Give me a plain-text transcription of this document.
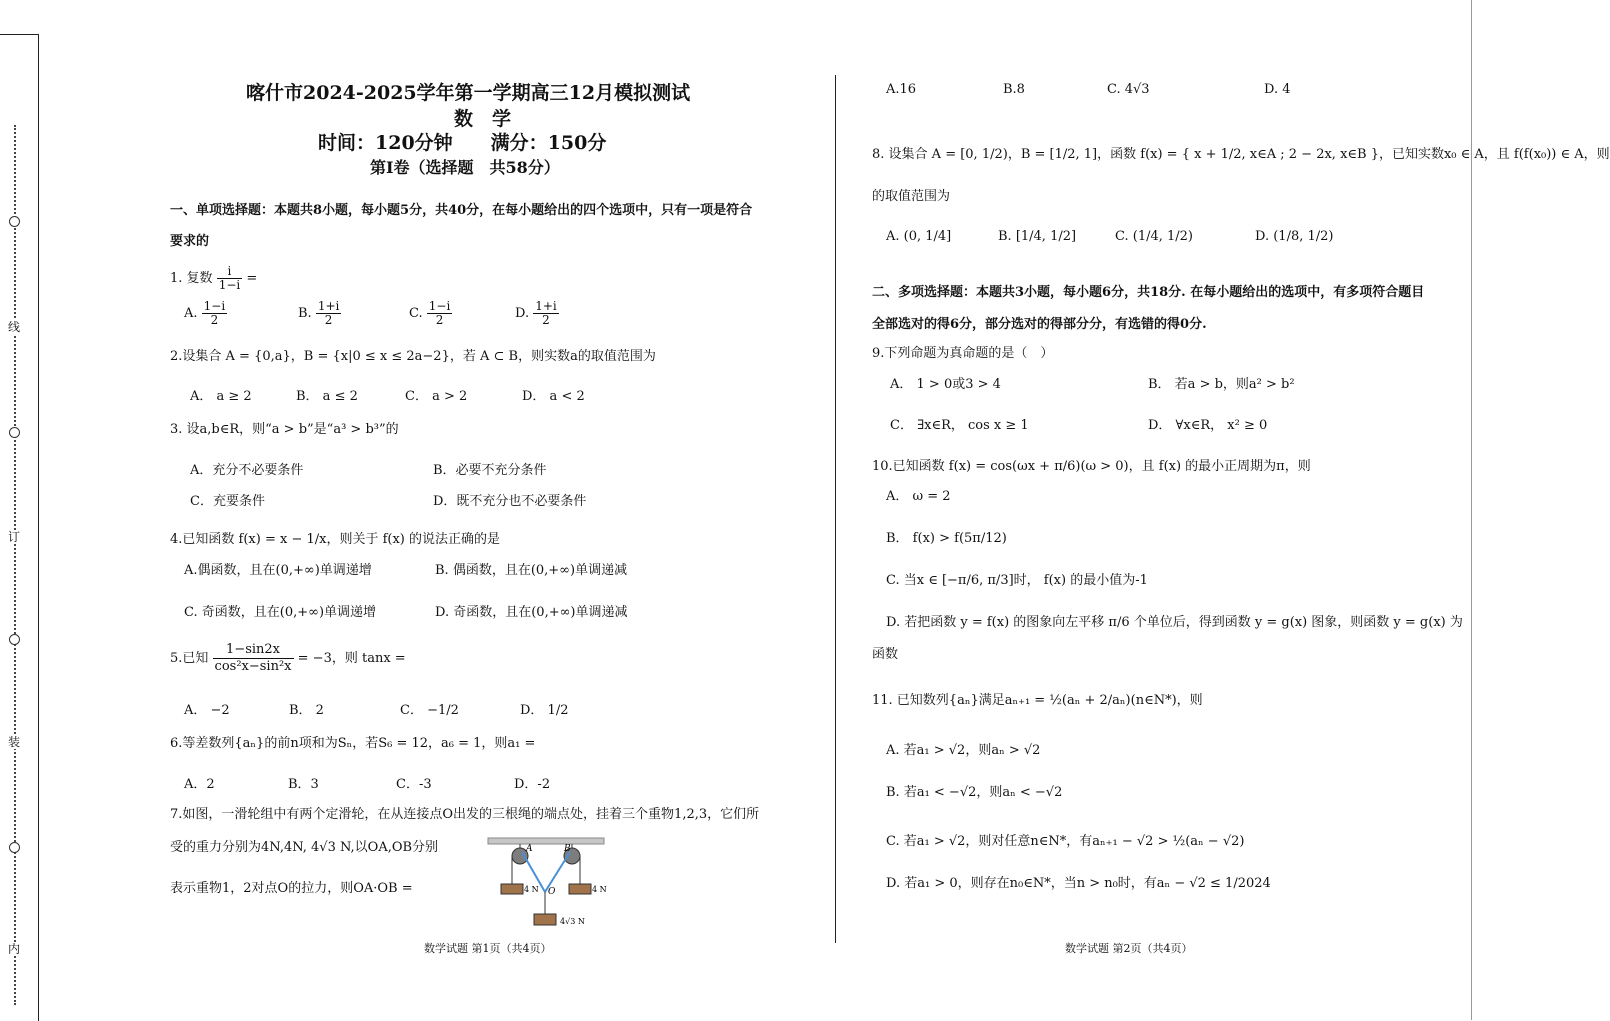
线
订
装
内
喀什市2024-2025学年第一学期高三12月模拟测试
数　学
时间：120分钟　　满分：150分
第Ⅰ卷（选择题　共58分）
一、单项选择题：本题共8小题，每小题5分，共40分，在每小题给出的四个选项中，只有一项是符合
要求的
1. 复数 $\frac{i}{1-i}$ =
A. $\frac{1-i}{2}$	B. $\frac{1+i}{2}$	C. $\frac{1-i}{2}$	D. $\frac{1+i}{2}$
2.设集合 A = {0,a}，B = {x|0 ≤ x ≤ 2a−2}，若 A ⊂ B，则实数a的取值范围为
A． a ≥ 2	B． a ≤ 2	C． a > 2	D． a < 2
3. 设a,b∈R，则“a > b”是“a³ > b³”的
A．充分不必要条件	B．必要不充分条件
C．充要条件	D．既不充分也不必要条件
4.已知函数 f(x) = x − 1/x，则关于 f(x) 的说法正确的是
A.偶函数，且在(0,+∞)单调递增	B. 偶函数，且在(0,+∞)单调递减
C. 奇函数，且在(0,+∞)单调递增	D. 奇函数，且在(0,+∞)单调递减
5.已知 $\frac{1-\sin 2x}{\text{cos²x−sin²x}} = -3$，则 tanx =
A． −2	B． 2	C． −1/2	D． 1/2
6.等差数列{aₙ}的前n项和为Sₙ，若S₆ = 12，a₆ = 1，则a₁ =
A．2	B．3	C．-3	D．-2
7.如图，一滑轮组中有两个定滑轮，在从连接点O出发的三根绳的端点处，挂着三个重物1,2,3，它们所
受的重力分别为4N,4N, 4√3 N,以OA,OB分别
表示重物1，2对点O的拉力，则OA·OB =
A	B
O
4 N	4 N
4√3 N
数学试题 第1页（共4页）
A.16	B.8	C. 4√3	D. 4
8. 设集合 A = [0, 1/2)，B = [1/2, 1]，函数 f(x) = { x + 1/2, x∈A ; 2 − 2x, x∈B }，已知实数x₀ ∈ A，且 f(f(x₀)) ∈ A，则
的取值范围为
A. (0, 1/4]	B. [1/4, 1/2]	C. (1/4, 1/2)	D. (1/8, 1/2)
二、多项选择题：本题共3小题，每小题6分，共18分. 在每小题给出的选项中，有多项符合题目
全部选对的得6分，部分选对的得部分分，有选错的得0分.
9.下列命题为真命题的是（　）
A． 1 > 0或3 > 4	B． 若a > b，则a² > b²
C． ∃x∈R， cos x ≥ 1	D． ∀x∈R， x² ≥ 0
10.已知函数 f(x) = cos(ωx + π/6)(ω > 0)，且 f(x) 的最小正周期为π，则
A． ω = 2
B． f(x) > f(5π/12)
C. 当x ∈ [−π/6, π/3]时， f(x) 的最小值为-1
D. 若把函数 y = f(x) 的图象向左平移 π/6 个单位后，得到函数 y = g(x) 图象，则函数 y = g(x) 为
函数
11. 已知数列{aₙ}满足aₙ₊₁ = ½(aₙ + 2/aₙ)(n∈N*)，则
A. 若a₁ > √2，则aₙ > √2
B. 若a₁ < −√2，则aₙ < −√2
C. 若a₁ > √2，则对任意n∈N*，有aₙ₊₁ − √2 > ½(aₙ − √2)
D. 若a₁ > 0，则存在n₀∈N*，当n > n₀时，有aₙ − √2 ≤ 1/2024
数学试题 第2页（共4页）
